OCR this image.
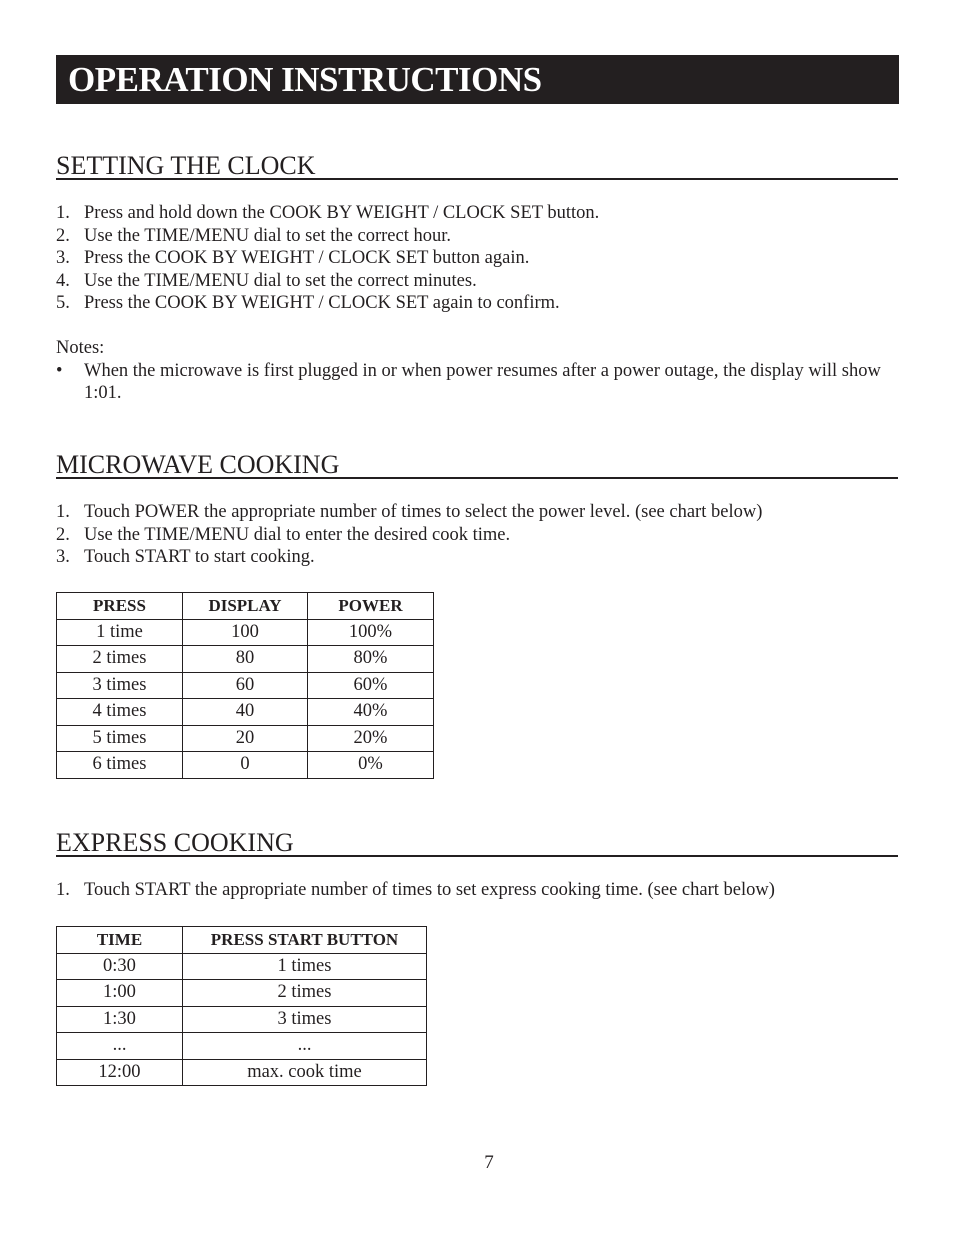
OPERATION INSTRUCTIONS
SETTING THE CLOCK
1. Press and hold down the COOK BY WEIGHT / CLOCK SET button.
2. Use the TIME/MENU dial to set the correct hour.
3. Press the COOK BY WEIGHT / CLOCK SET button again.
4. Use the TIME/MENU dial to set the correct minutes.
5. Press the COOK BY WEIGHT / CLOCK SET again to confirm.

Notes:

• When the microwave is first plugged in or when power resumes after a power outage, the display will show 1:01.
MICROWAVE COOKING
1. Touch POWER the appropriate number of times to select the power level. (see chart below)
2. Use the TIME/MENU dial to enter the desired cook time.
3. Touch START to start cooking.
PRESS	DISPLAY	POWER
1 time	100	100%
2 times	80	80%
3 times	60	60%
4 times	40	40%
5 times	20	20%
6 times	0	0%
EXPRESS COOKING
1. Touch START the appropriate number of times to set express cooking time. (see chart below)
TIME	PRESS START BUTTON
0:30	1 times
1:00	2 times
1:30	3 times
...	...
12:00	max. cook time
7
